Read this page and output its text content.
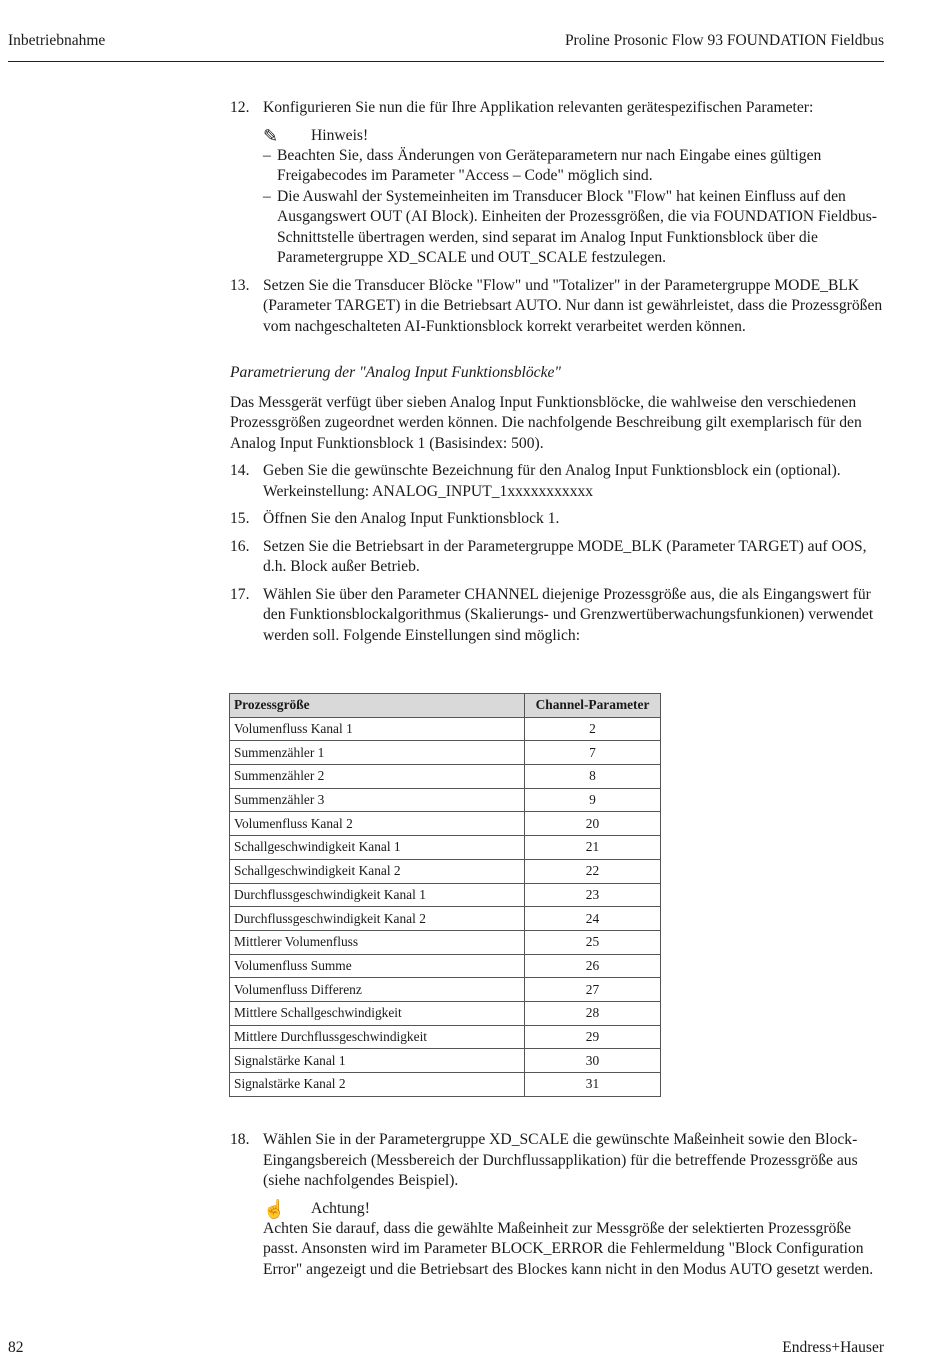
Inbetriebnahme	Proline Prosonic Flow 93 FOUNDATION Fieldbus
12. Konfigurieren Sie nun die für Ihre Applikation relevanten gerätespezifischen Parameter:
✎ Hinweis!
– Beachten Sie, dass Änderungen von Geräteparametern nur nach Eingabe eines gültigen Freigabecodes im Parameter "Access – Code" möglich sind.
– Die Auswahl der Systemeinheiten im Transducer Block "Flow" hat keinen Einfluss auf den Ausgangswert OUT (AI Block). Einheiten der Prozessgrößen, die via FOUNDATION Fieldbus-Schnittstelle übertragen werden, sind separat im Analog Input Funktionsblock über die Parametergruppe XD_SCALE und OUT_SCALE festzulegen.
13. Setzen Sie die Transducer Blöcke "Flow" und "Totalizer" in der Parametergruppe MODE_BLK (Parameter TARGET) in die Betriebsart AUTO. Nur dann ist gewährleistet, dass die Prozessgrößen vom nachgeschalteten AI-Funktionsblock korrekt verarbeitet werden können.
Parametrierung der "Analog Input Funktionsblöcke"
Das Messgerät verfügt über sieben Analog Input Funktionsblöcke, die wahlweise den verschiedenen Prozessgrößen zugeordnet werden können. Die nachfolgende Beschreibung gilt exemplarisch für den Analog Input Funktionsblock 1 (Basisindex: 500).
14. Geben Sie die gewünschte Bezeichnung für den Analog Input Funktionsblock ein (optional). Werkeinstellung: ANALOG_INPUT_1xxxxxxxxxxx
15. Öffnen Sie den Analog Input Funktionsblock 1.
16. Setzen Sie die Betriebsart in der Parametergruppe MODE_BLK (Parameter TARGET) auf OOS, d.h. Block außer Betrieb.
17. Wählen Sie über den Parameter CHANNEL diejenige Prozessgröße aus, die als Eingangswert für den Funktionsblockalgorithmus (Skalierungs- und Grenzwertüberwachungsfunkionen) verwendet werden soll. Folgende Einstellungen sind möglich:
Prozessgröße	Channel-Parameter
Volumenfluss Kanal 1	2
Summenzähler 1	7
Summenzähler 2	8
Summenzähler 3	9
Volumenfluss Kanal 2	20
Schallgeschwindigkeit Kanal 1	21
Schallgeschwindigkeit Kanal 2	22
Durchflussgeschwindigkeit Kanal 1	23
Durchflussgeschwindigkeit Kanal 2	24
Mittlerer Volumenfluss	25
Volumenfluss Summe	26
Volumenfluss Differenz	27
Mittlere Schallgeschwindigkeit	28
Mittlere Durchflussgeschwindigkeit	29
Signalstärke Kanal 1	30
Signalstärke Kanal 2	31
18. Wählen Sie in der Parametergruppe XD_SCALE die gewünschte Maßeinheit sowie den Block-Eingangsbereich (Messbereich der Durchflussapplikation) für die betreffende Prozessgröße aus (siehe nachfolgendes Beispiel).
☝ Achtung!
Achten Sie darauf, dass die gewählte Maßeinheit zur Messgröße der selektierten Prozessgröße passt. Ansonsten wird im Parameter BLOCK_ERROR die Fehlermeldung "Block Configuration Error" angezeigt und die Betriebsart des Blockes kann nicht in den Modus AUTO gesetzt werden.
82	Endress+Hauser
